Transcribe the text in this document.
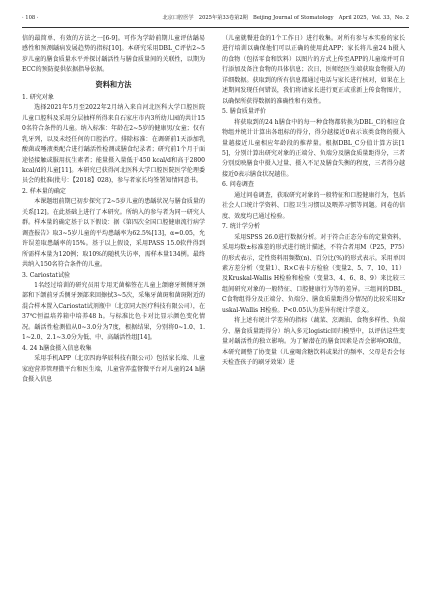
· 108 ·	北京口腔医学　2025年第33卷第2期　Beijing Journal of Stomatology　April 2025，Vol. 33，No. 2

信的最简单、有效的方法之一[6-9]。可作为学龄前期儿童评估龋易感性和预测龋病发展趋势的指标[10]。本研究采用DBL_C评估2~5岁儿童的膳食质量水平并探讨龋活性与膳食质量间的关联性，以期为ECC的预防提供依据指导依据。

资料和方法
1. 研究对象

选择2021年5月至2022年2月纳入来自河北医科大学口腔医院儿童口腔科及采用分层抽样所得来自石家庄市内3所幼儿园的共计150名符合条件的儿童。纳入标准：年龄在2~5岁的健康男/女童；仅有乳牙列，以及未经任何的口腔治疗。排除标准：在调研前1天添加乳酸菌或唾液类配合进行龋活性检测或膳食纪录者；研究前1个月于面途径接触或服用抗生素者；能量摄入量低于450 kcal/d和高于2800 kcal/d的儿童[11]。本研究已获得河北医科大学口腔医院医学伦理委员会的批准(批号：【2018】028)，参与者家长均签署知情同意书。

2. 样本量的确定

本课题组前期已初步探究了2~5岁儿童的患龋状况与膳食质量的关系[12]。在此基础上进行了本研究。所纳入的参与者为同一研究人群。样本量的确定基于以下假设：据《第四次全国口腔健康流行病学调查报告》取3~5岁儿童的平均患龋率为62.5%[13]，α=0.05，允许误差取患龋率的15%。基于以上假设，采用PASS 15.0软件得到所需样本量为120例；取10%的随机失访率，需样本量134例。最终共纳入150名符合条件的儿童。

3. Cariostat试验

1名经过培训的研究员用专用无菌棉签在儿童上颌磨牙颊侧牙颈部和下颌前牙舌侧牙颈部来回擦拭3~5次，采集牙菌斑和菌斑附近的混合样本置入Cariostat试剂瓶中（北京同大医疗科技有限公司），在37℃恒温培养箱中培养48 h。与标准比色卡对比显示颜色变化情况。龋活性检测值从0~3.0分为7度，根据结果，分别将0~1.0、1.1~2.0、2.1~3.0分为低、中、高龋活性组[14]。

4. 24 h膳食摄入信息收集

采用手机APP（北京四海华辰科技有限公司）包括家长端、儿童家庭营养管理微平台和医生端，儿童营养监督微平台对儿童的24 h膳食摄入信息

（儿童就餐进食的1个工作日）进行收集。对所有参与本实验的家长进行培训以确保他们可以正确的使用此APP；家长将儿童24 h摄入的食物（包括零食和饮料）以图片的方式上传至APP的儿童端并可自行添加及备注食物的具体信息；次日，医师经医生端获取食物摄入的详细数据。获取到的所有信息都通过电话与家长进行核对，如果在上述期间发现任何错误，我们将请家长进行更正或重新上传食物图片，以确保所获得数据的准确性和有效性。

5. 膳食质量评价

将获取到的24 h膳食中的每一种食物都转换为DBL_C的相应食物组并统计计算出各组标的得分，得分越接近0表示该类食物的摄入量越接近儿童相应年龄段的推荐量。根据DBL_C分值计算方法[15]，分别计算出研究对象的正端分、负端分及膳食质量距得分，三者分别反映膳食中摄入过量、摄入不足及膳食失衡的程度，三者得分越接近0表示膳食状况越佳。

6. 问卷调查

通过问卷调查，获取研究对象的一般特征和口腔健康行为，包括社会人口统计学资料、口腔卫生习惯以及喂养习惯等问题。问卷的信度、效度均已通过检验。

7. 统计学分析

采用SPSS 26.0进行数据分析。对于符合正态分布的定量资料，采用均数±标准差的形式进行统计描述，不符合者用M（P25，P75）的形式表示，定性资料用频数(n)、百分比(%)的形式表示。采用单因素方差分析（变量1）、R×C表卡方检验（变量2、5、7、10、11）及Kruskal-Wallis H检验和检验（变量3、4、6、8、9）来比较三组间研究对象的一般特征、口腔健康行为等的差异。三组间的DBL_C食物组得分及正端分、负端分、膳食质量距得分情况的比较采用Kruskal-Wallis H检验。P<0.05认为差异有统计学意义。

将上述有统计学差异的指标（蔬菜、烹调油、食物多样性、负端分、膳食质量距得分）纳入多元logistic回归模型中，以评估这些变量对龋活性的独立影响。为了解潜在的膳食因素是否会影响OR值，本研究调整了协变量（儿童喝含糖饮料或果汁的频率、父母是否会每天检查孩子的刷牙效果）进
